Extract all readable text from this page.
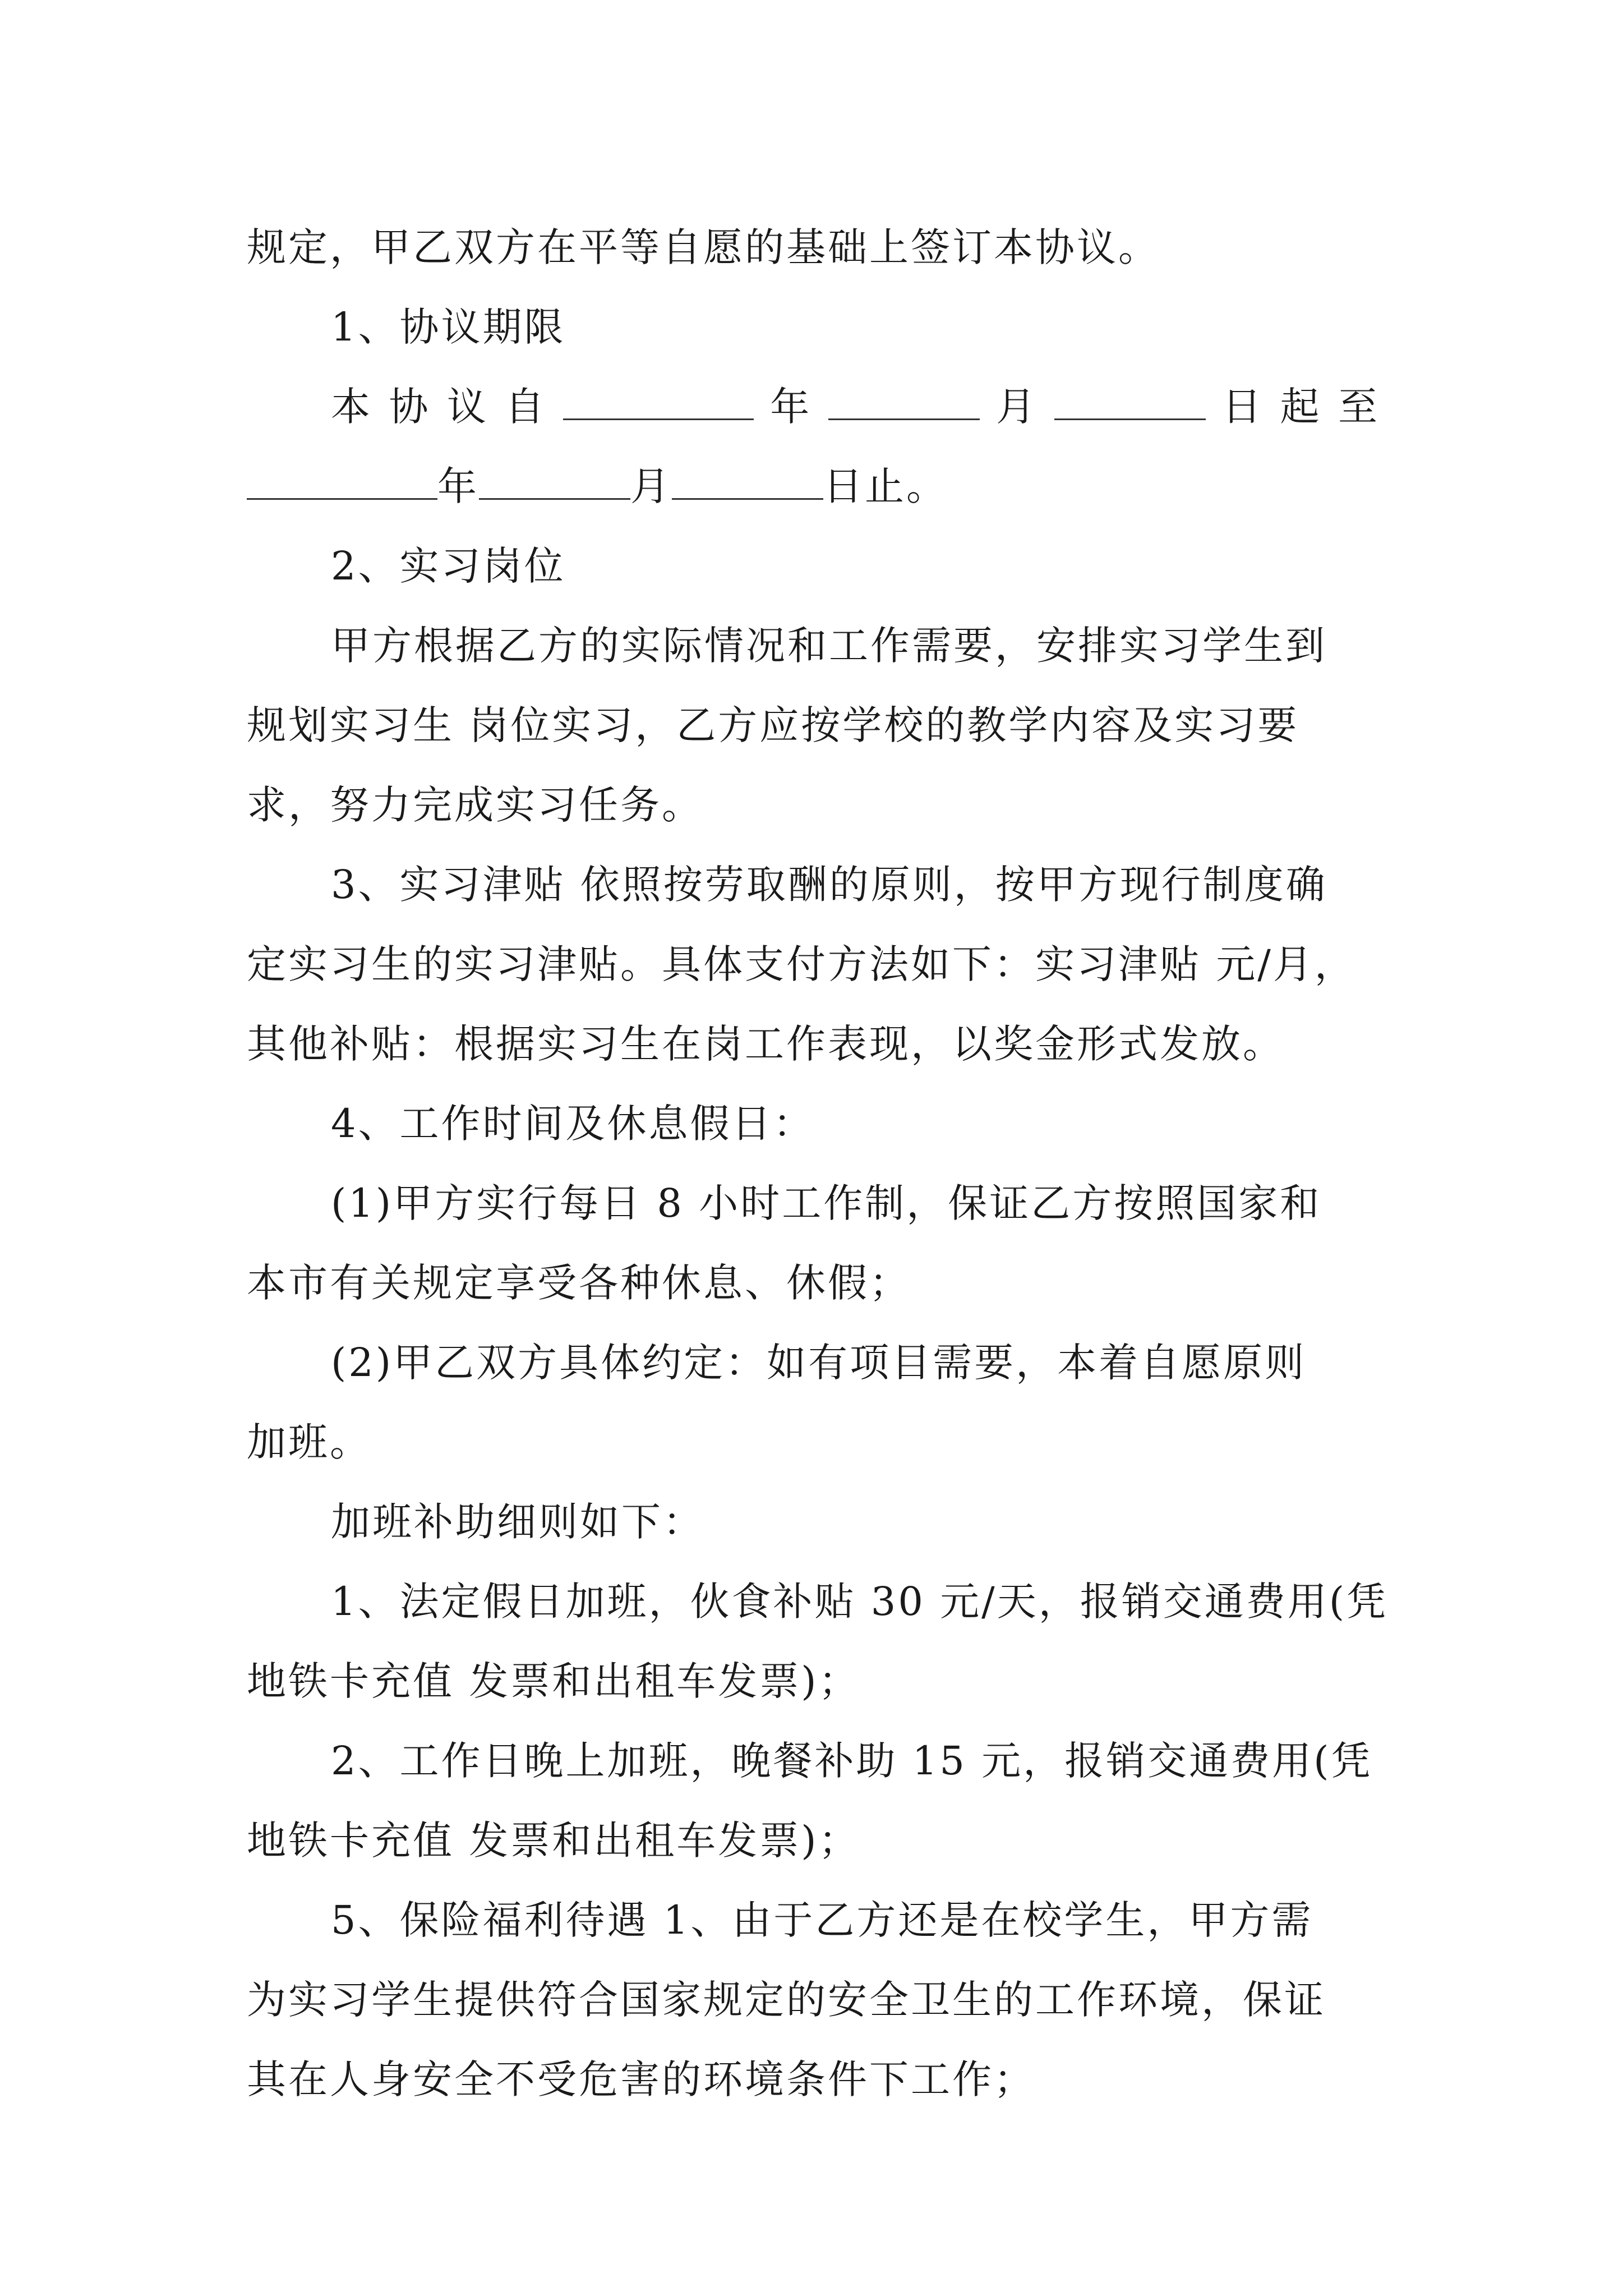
规定，甲乙双方在平等自愿的基础上签订本协议。
1、协议期限
本 协 议 自	年	月	日 起 至
年	月	日止。
2、实习岗位
甲方根据乙方的实际情况和工作需要，安排实习学生到
规划实习生 岗位实习，乙方应按学校的教学内容及实习要
求，努力完成实习任务。
3、实习津贴 依照按劳取酬的原则，按甲方现行制度确
定实习生的实习津贴。具体支付方法如下：实习津贴 元/月，
其他补贴：根据实习生在岗工作表现，以奖金形式发放。
4、工作时间及休息假日：
(1)甲方实行每日 8 小时工作制，保证乙方按照国家和
本市有关规定享受各种休息、休假；
(2)甲乙双方具体约定：如有项目需要，本着自愿原则
加班。
加班补助细则如下：
1、法定假日加班，伙食补贴 30 元/天，报销交通费用(凭
地铁卡充值 发票和出租车发票)；
2、工作日晚上加班，晚餐补助 15 元，报销交通费用(凭
地铁卡充值 发票和出租车发票)；
5、保险福利待遇 1、由于乙方还是在校学生，甲方需
为实习学生提供符合国家规定的安全卫生的工作环境，保证
其在人身安全不受危害的环境条件下工作；
